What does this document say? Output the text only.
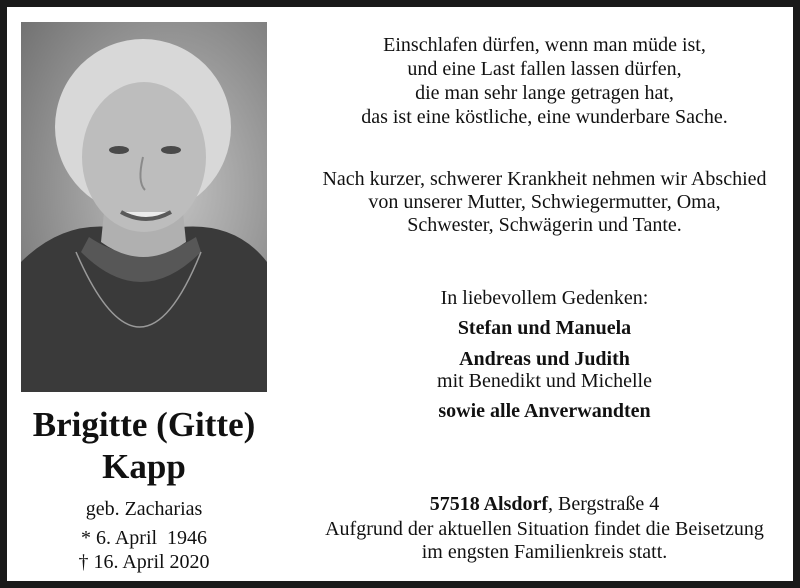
Brigitte (Gitte)
Kapp
geb. Zacharias
* 6. April  1946
† 16. April 2020
Einschlafen dürfen, wenn man müde ist,
und eine Last fallen lassen dürfen,
die man sehr lange getragen hat,
das ist eine köstliche, eine wunderbare Sache.
Nach kurzer, schwerer Krankheit nehmen wir Abschied
von unserer Mutter, Schwiegermutter, Oma,
Schwester, Schwägerin und Tante.
In liebevollem Gedenken:
Stefan und Manuela
Andreas und Judith
mit Benedikt und Michelle
sowie alle Anverwandten
57518 Alsdorf, Bergstraße 4
Aufgrund der aktuellen Situation findet die Beisetzung
im engsten Familienkreis statt.
